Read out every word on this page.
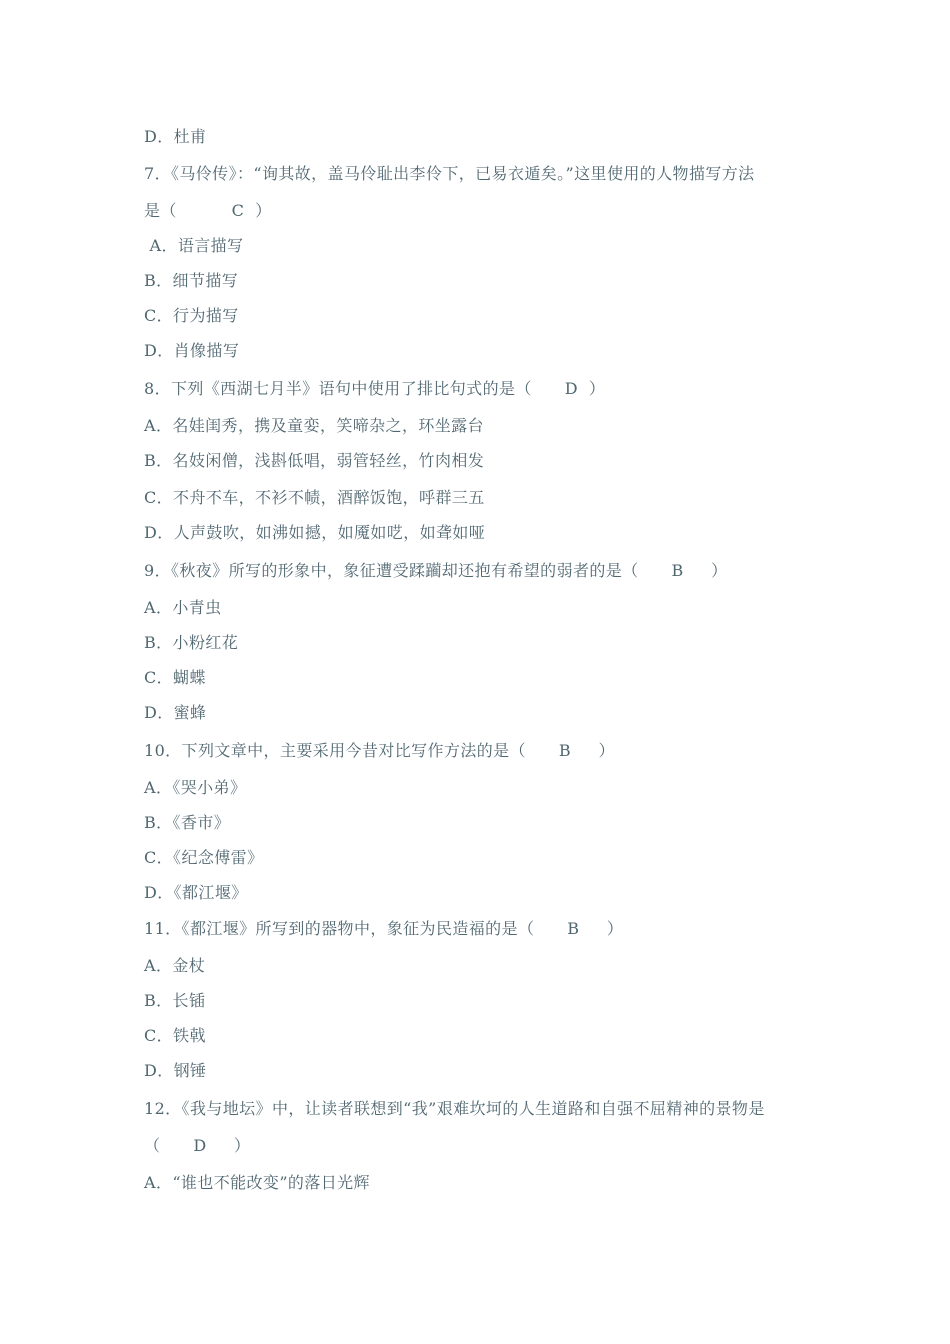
D．杜甫
7．《马伶传》：“询其故，盖马伶耻出李伶下，已易衣遁矣。”这里使用的人物描写方法
是（          C  ）
A．语言描写
B．细节描写
C．行为描写
D．肖像描写
8．下列《西湖七月半》语句中使用了排比句式的是（      D  ）
A．名娃闺秀，携及童娈，笑啼杂之，环坐露台
B．名妓闲僧，浅斟低唱，弱管轻丝，竹肉相发
C．不舟不车，不衫不帻，酒醉饭饱，呼群三五
D．人声鼓吹，如沸如撼，如魇如呓，如聋如哑
9．《秋夜》所写的形象中，象征遭受蹂躏却还抱有希望的弱者的是（      B     ）
A．小青虫
B．小粉红花
C．蝴蝶
D．蜜蜂
10．下列文章中，主要采用今昔对比写作方法的是（      B     ）
A．《哭小弟》
B．《香市》
C．《纪念傅雷》
D．《都江堰》
11．《都江堰》所写到的器物中，象征为民造福的是（      B     ）
A．金杖
B．长锸
C．铁戟
D．钢锤
12．《我与地坛》中，让读者联想到“我”艰难坎坷的人生道路和自强不屈精神的景物是
（      D     ）
A．“谁也不能改变”的落日光辉
